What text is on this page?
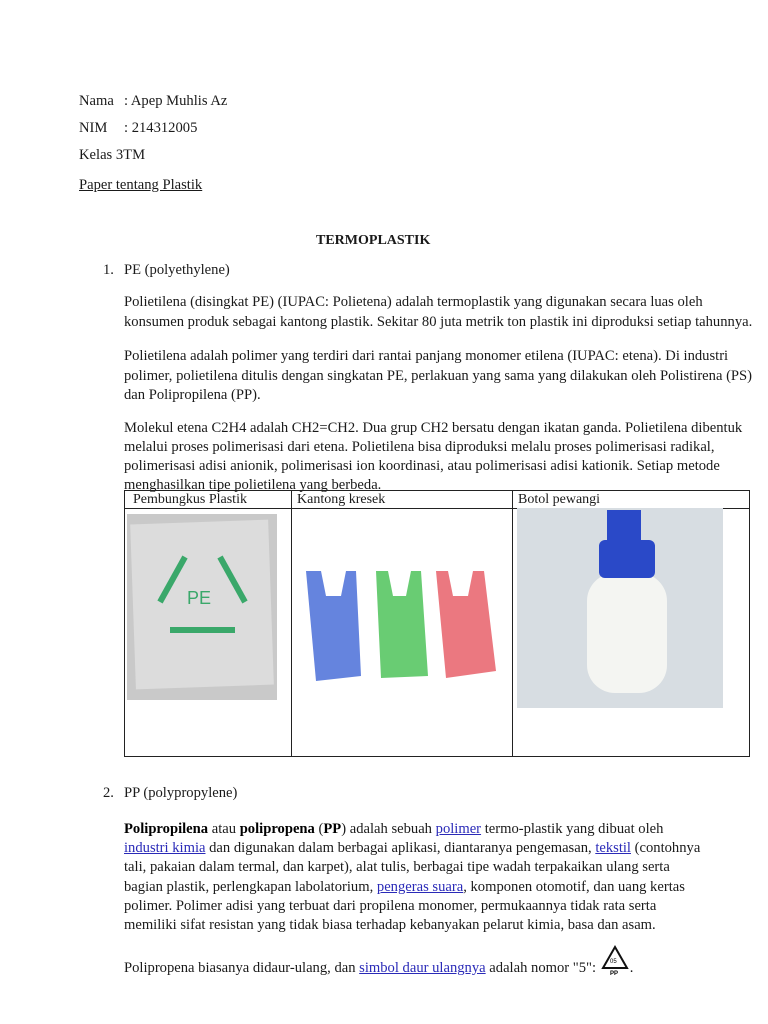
Nama : Apep Muhlis Az
NIM : 214312005
Kelas 3TM
Paper tentang Plastik
TERMOPLASTIK
1. PE (polyethylene)
Polietilena (disingkat PE) (IUPAC: Polietena) adalah termoplastik yang digunakan secara luas oleh
konsumen produk sebagai kantong plastik. Sekitar 80 juta metrik ton plastik ini diproduksi setiap tahunnya.
Polietilena adalah polimer yang terdiri dari rantai panjang monomer etilena (IUPAC: etena). Di industri
polimer, polietilena ditulis dengan singkatan PE, perlakuan yang sama yang dilakukan oleh Polistirena (PS)
dan Polipropilena (PP).
Molekul etena C2H4 adalah CH2=CH2. Dua grup CH2 bersatu dengan ikatan ganda. Polietilena dibentuk
melalui proses polimerisasi dari etena. Polietilena bisa diproduksi melalu proses polimerisasi radikal,
polimerisasi adisi anionik, polimerisasi ion koordinasi, atau polimerisasi adisi kationik. Setiap metode
menghasilkan tipe polietilena yang berbeda.
Pembungkus Plastik	Kantong kresek	Botol pewangi
PE
2. PP (polypropylene)
Polipropilena atau polipropena (PP) adalah sebuah polimer termo-plastik yang dibuat oleh
industri kimia dan digunakan dalam berbagai aplikasi, diantaranya pengemasan, tekstil (contohnya
tali, pakaian dalam termal, dan karpet), alat tulis, berbagai tipe wadah terpakaikan ulang serta
bagian plastik, perlengkapan labolatorium, pengeras suara, komponen otomotif, dan uang kertas
polimer. Polimer adisi yang terbuat dari propilena monomer, permukaannya tidak rata serta
memiliki sifat resistan yang tidak biasa terhadap kebanyakan pelarut kimia, basa dan asam.
Polipropena biasanya didaur-ulang, dan simbol daur ulangnya adalah nomor "5": 05
PP .
